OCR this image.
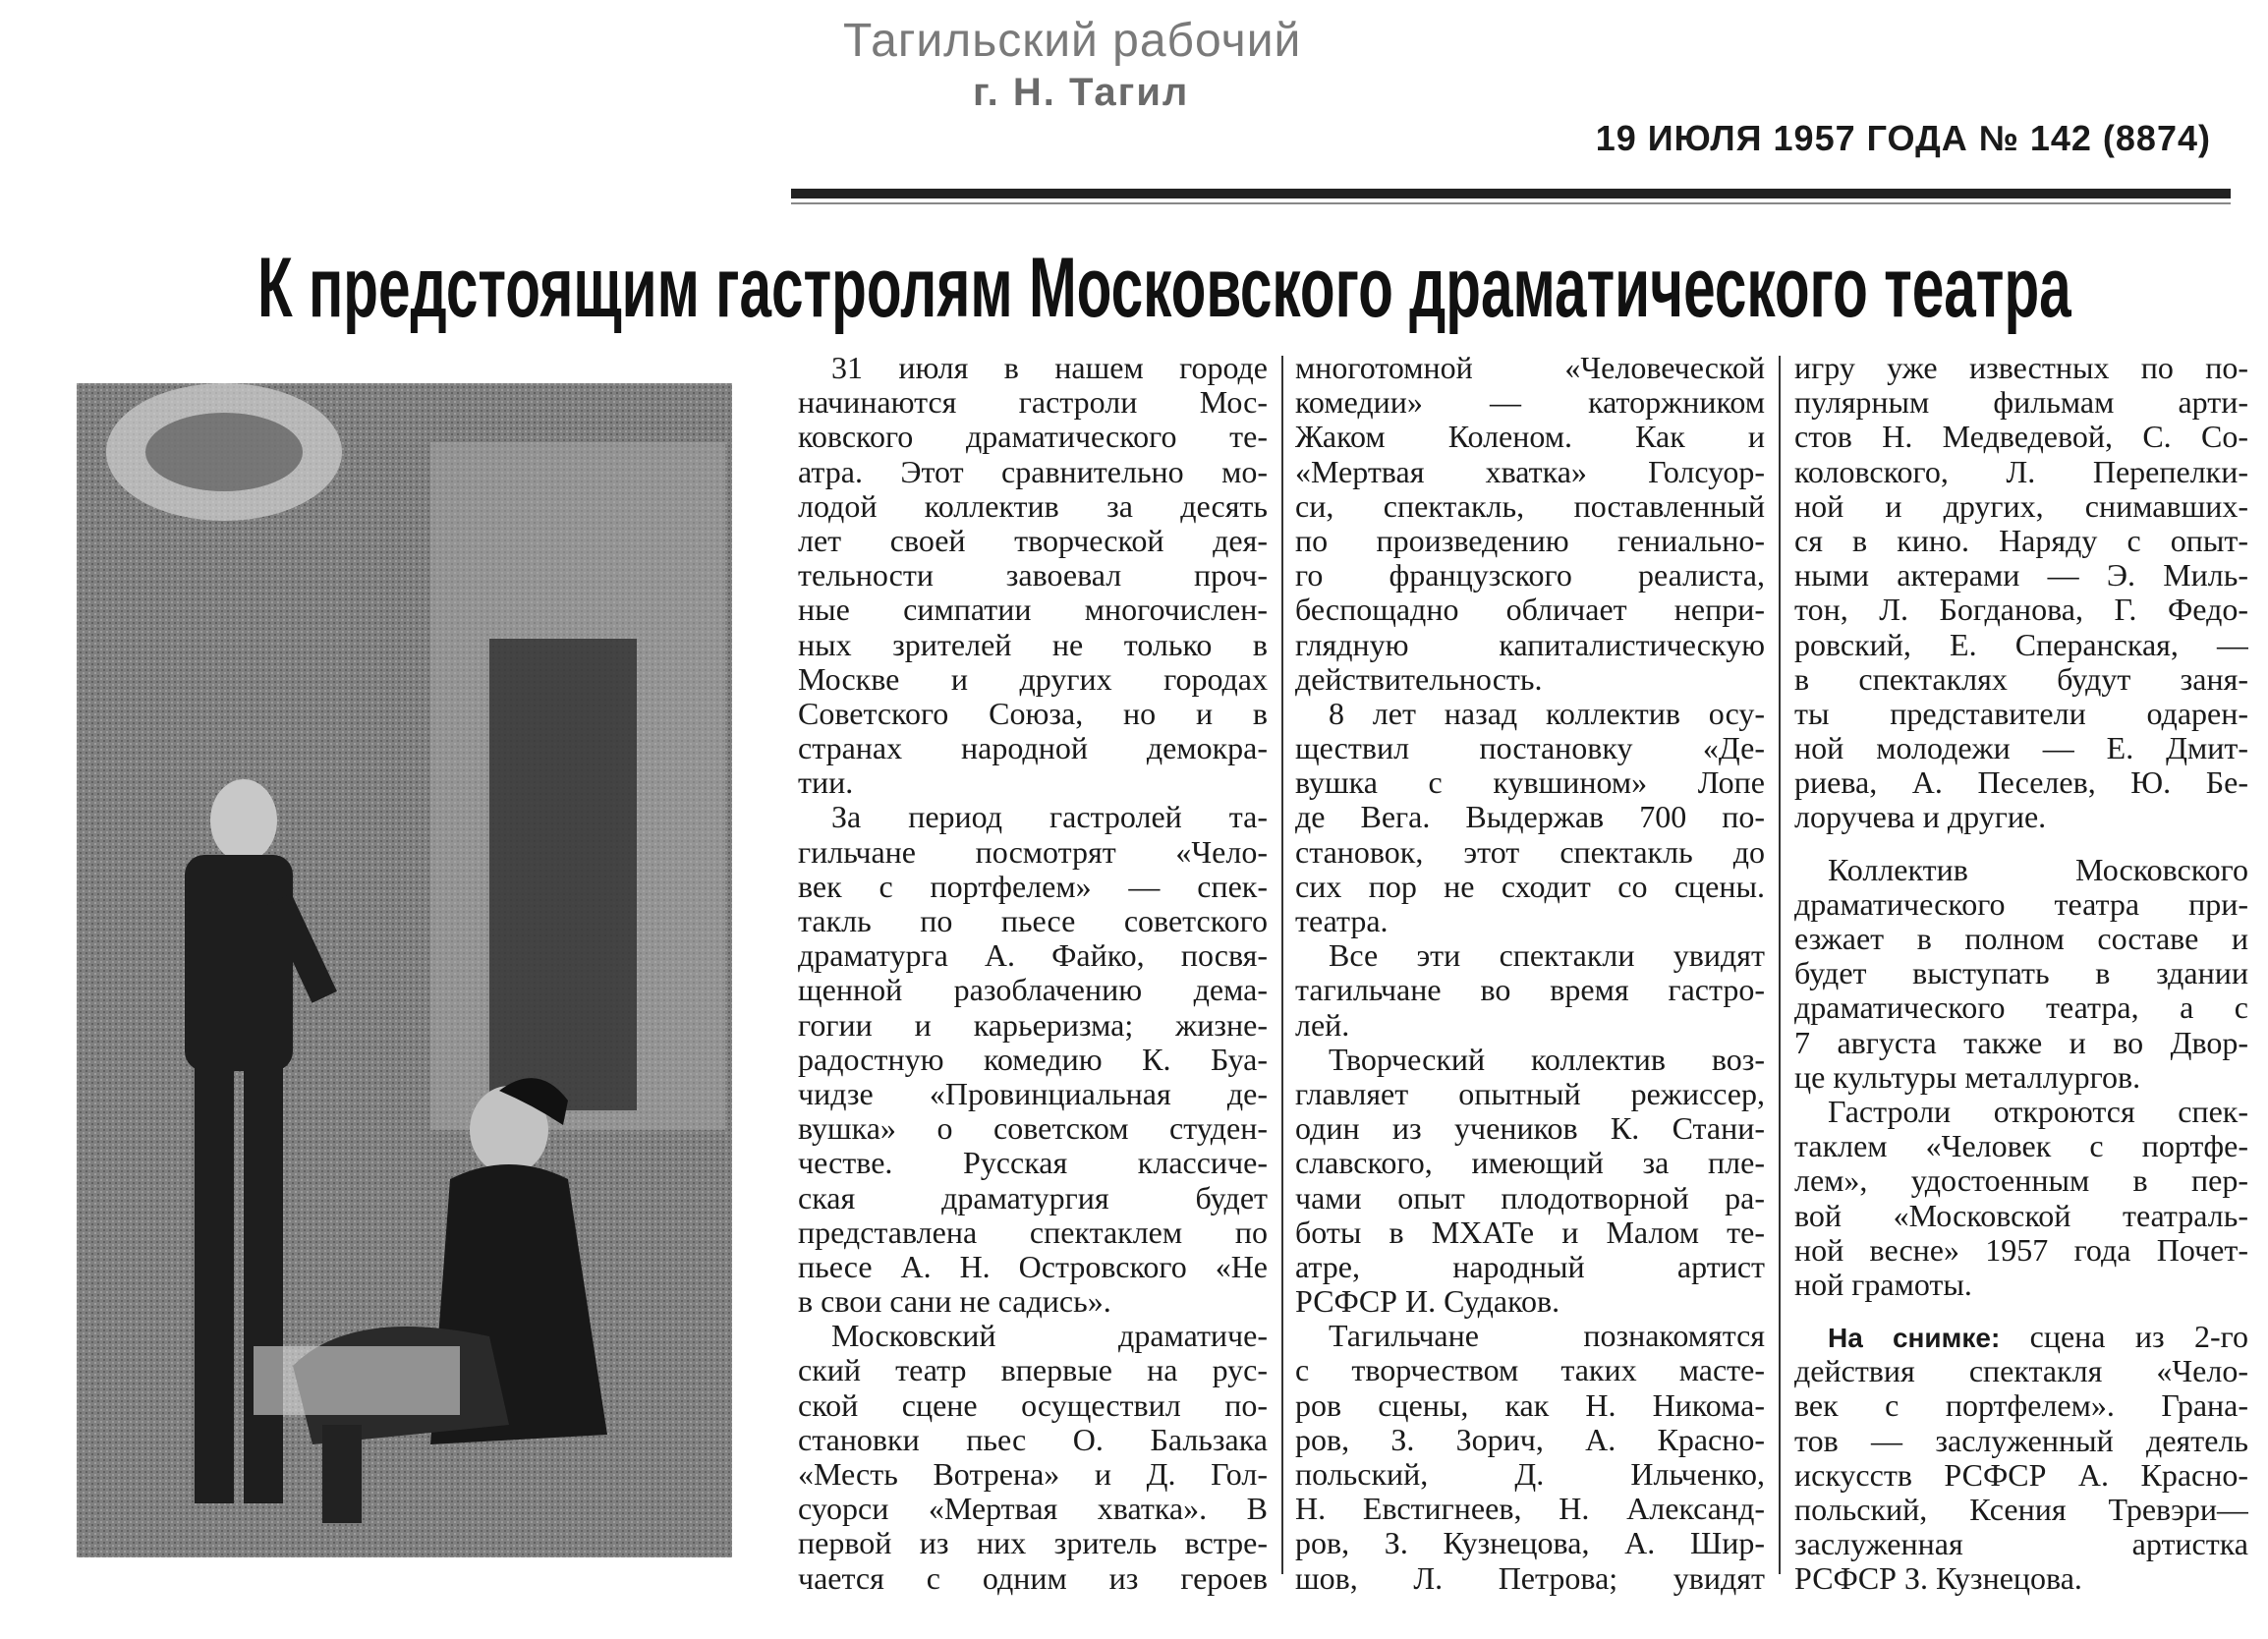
Тагильский рабочий
г. Н. Тагил
19 ИЮЛЯ 1957 ГОДА № 142 (8874)
К предстоящим гастролям Московского драматического театра
31 июля в нашем городе
начинаются гастроли Мос-
ковского драматического те-
атра. Этот сравнительно мо-
лодой коллектив за десять
лет своей творческой дея-
тельности завоевал проч-
ные симпатии многочислен-
ных зрителей не только в
Москве и других городах
Советского Союза, но и в
странах народной демокра-
тии.
За период гастролей та-
гильчане посмотрят «Чело-
век с портфелем» — спек-
такль по пьесе советского
драматурга А. Файко, посвя-
щенной разоблачению дема-
гогии и карьеризма; жизне-
радостную комедию К. Буа-
чидзе «Провинциальная де-
вушка» о советском студен-
честве. Русская классиче-
ская драматургия будет
представлена спектаклем по
пьесе А. Н. Островского «Не
в свои сани не садись».
Московский драматиче-
ский театр впервые на рус-
ской сцене осуществил по-
становки пьес О. Бальзака
«Месть Вотрена» и Д. Гол-
суорси «Мертвая хватка». В
первой из них зритель встре-
чается с одним из героев
многотомной «Человеческой
комедии» — каторжником
Жаком Коленом. Как и
«Мертвая хватка» Голсуор-
си, спектакль, поставленный
по произведению гениально-
го французского реалиста,
беспощадно обличает непри-
глядную капиталистическую
действительность.
8 лет назад коллектив осу-
ществил постановку «Де-
вушка с кувшином» Лопе
де Вега. Выдержав 700 по-
становок, этот спектакль до
сих пор не сходит со сцены.
театра.
Все эти спектакли увидят
тагильчане во время гастро-
лей.
Творческий коллектив воз-
главляет опытный режиссер,
один из учеников К. Стани-
славского, имеющий за пле-
чами опыт плодотворной ра-
боты в МХАТе и Малом те-
атре, народный артист
РСФСР И. Судаков.
Тагильчане познакомятся
с творчеством таких масте-
ров сцены, как Н. Никома-
ров, З. Зорич, А. Красно-
польский, Д. Ильченко,
Н. Евстигнеев, Н. Александ-
ров, З. Кузнецова, А. Шир-
шов, Л. Петрова; увидят
игру уже известных по по-
пулярным фильмам арти-
стов Н. Медведевой, С. Со-
коловского, Л. Перепелки-
ной и других, снимавших-
ся в кино. Наряду с опыт-
ными актерами — Э. Миль-
тон, Л. Богданова, Г. Федо-
ровский, Е. Сперанская, —
в спектаклях будут заня-
ты представители одарен-
ной молодежи — Е. Дмит-
риева, А. Песелев, Ю. Бе-
лоручева и другие.
Коллектив Московского
драматического театра при-
езжает в полном составе и
будет выступать в здании
драматического театра, а с
7 августа также и во Двор-
це культуры металлургов.
Гастроли откроются спек-
таклем «Человек с портфе-
лем», удостоенным в пер-
вой «Московской театраль-
ной весне» 1957 года Почет-
ной грамоты.
На снимке: сцена из 2-го
действия спектакля «Чело-
век с портфелем». Грана-
тов — заслуженный деятель
искусств РСФСР А. Красно-
польский, Ксения Тревэри—
заслуженная артистка
РСФСР З. Кузнецова.
